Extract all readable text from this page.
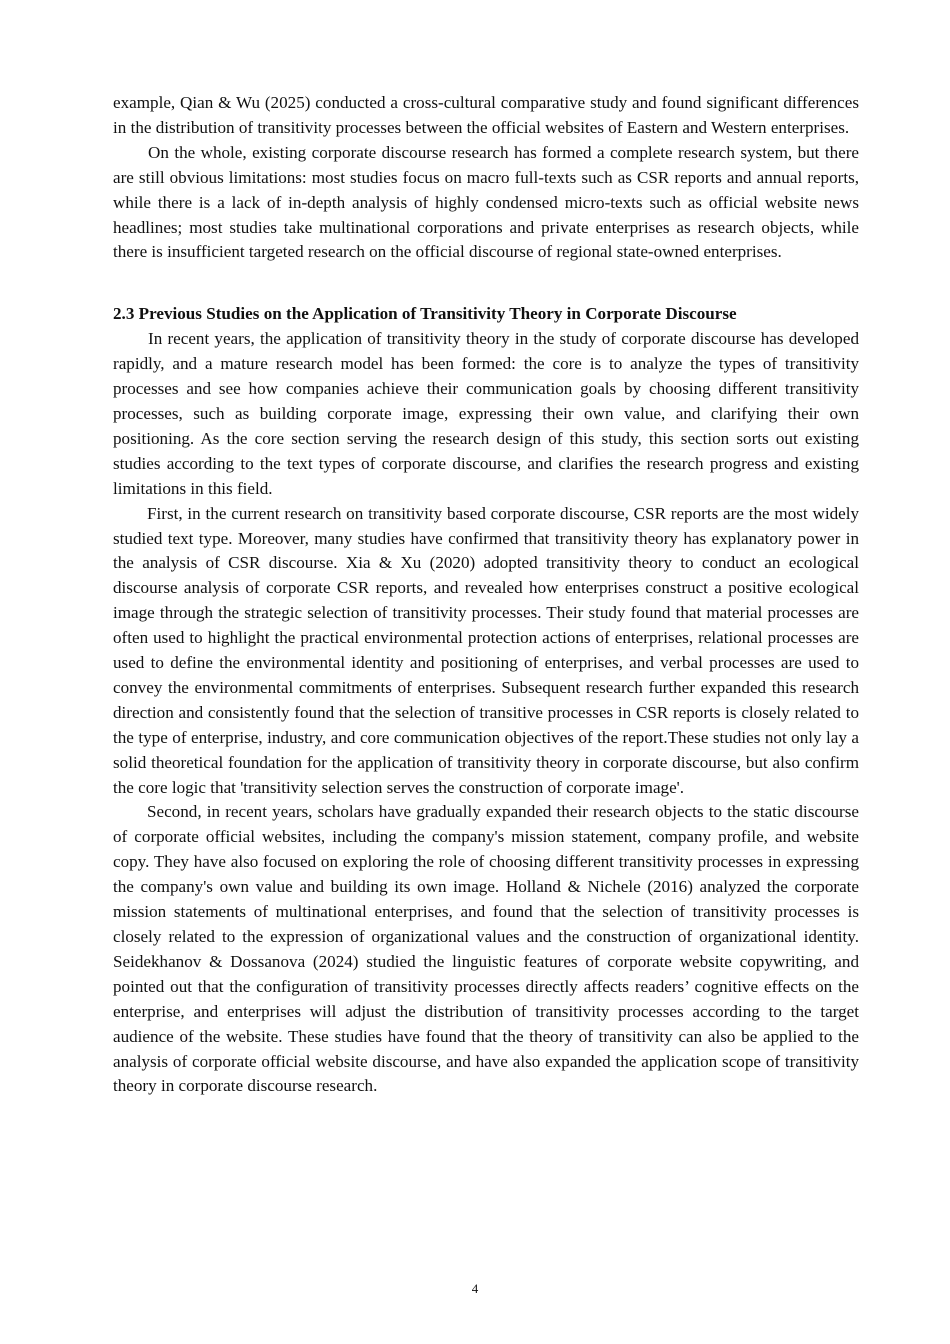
example, Qian & Wu (2025) conducted a cross-cultural comparative study and found significant differences in the distribution of transitivity processes between the official websites of Eastern and Western enterprises.

On the whole, existing corporate discourse research has formed a complete research system, but there are still obvious limitations: most studies focus on macro full-texts such as CSR reports and annual reports, while there is a lack of in-depth analysis of highly condensed micro-texts such as official website news headlines; most studies take multinational corporations and private enterprises as research objects, while there is insufficient targeted research on the official discourse of regional state-owned enterprises.

2.3 Previous Studies on the Application of Transitivity Theory in Corporate Discourse

In recent years, the application of transitivity theory in the study of corporate discourse has developed rapidly, and a mature research model has been formed: the core is to analyze the types of transitivity processes and see how companies achieve their communication goals by choosing different transitivity processes, such as building corporate image, expressing their own value, and clarifying their own positioning. As the core section serving the research design of this study, this section sorts out existing studies according to the text types of corporate discourse, and clarifies the research progress and existing limitations in this field.

First, in the current research on transitivity based corporate discourse, CSR reports are the most widely studied text type. Moreover, many studies have confirmed that transitivity theory has explanatory power in the analysis of CSR discourse. Xia & Xu (2020) adopted transitivity theory to conduct an ecological discourse analysis of corporate CSR reports, and revealed how enterprises construct a positive ecological image through the strategic selection of transitivity processes. Their study found that material processes are often used to highlight the practical environmental protection actions of enterprises, relational processes are used to define the environmental identity and positioning of enterprises, and verbal processes are used to convey the environmental commitments of enterprises. Subsequent research further expanded this research direction and consistently found that the selection of transitive processes in CSR reports is closely related to the type of enterprise, industry, and core communication objectives of the report.These studies not only lay a solid theoretical foundation for the application of transitivity theory in corporate discourse, but also confirm the core logic that 'transitivity selection serves the construction of corporate image'.

Second, in recent years, scholars have gradually expanded their research objects to the static discourse of corporate official websites, including the company's mission statement, company profile, and website copy. They have also focused on exploring the role of choosing different transitivity processes in expressing the company's own value and building its own image. Holland & Nichele (2016) analyzed the corporate mission statements of multinational enterprises, and found that the selection of transitivity processes is closely related to the expression of organizational values and the construction of organizational identity. Seidekhanov & Dossanova (2024) studied the linguistic features of corporate website copywriting, and pointed out that the configuration of transitivity processes directly affects readers’ cognitive effects on the enterprise, and enterprises will adjust the distribution of transitivity processes according to the target audience of the website. These studies have found that the theory of transitivity can also be applied to the analysis of corporate official website discourse, and have also expanded the application scope of transitivity theory in corporate discourse research.

4
